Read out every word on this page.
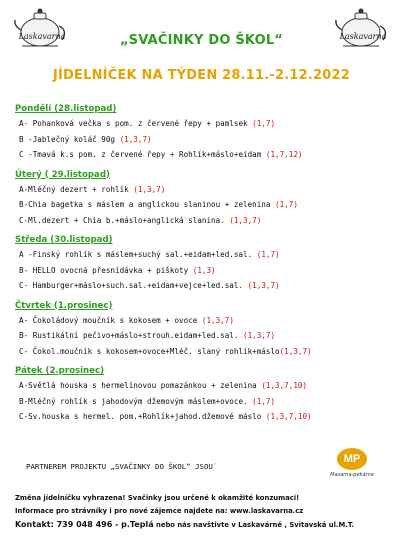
Laskavarna	Laskavarna
„SVAČINKY DO ŠKOL“
JÍDELNÍČEK NA TÝDEN 28.11.-2.12.2022
Pondělí (28.listopad)
A- Pohanková večka s pom. z červené řepy + pamlsek (1,7)
B -Jablečný koláč 90g (1,3,7)
C -Tmavá k.s pom. z červené řepy + Rohlík+máslo+eidam (1,7,12)
Úterý ( 29.listopad)
A-Mléčný dezert + rohlík (1,3,7)
B-Chia bagetka s máslem a anglickou slaninou + zelenina (1,7)
C-Ml.dezert + Chia b.+máslo+anglická slanina. (1,3,7)
Středa (30.listopad)
A -Finský rohlík s máslem+suchý sal.+eidam+led.sal. (1,7)
B- HELLO ovocná přesnídávka + piškoty (1,3)
C- Hamburger+máslo+such.sal.+eidam+vejce+led.sal. (1,3,7)
Čtvrtek (1.prosinec)
A- Čokoládový moučník s kokosem + ovoce (1,3,7)
B- Rustikální pečivo+máslo+strouh.eidam+led.sal. (1,3,7)
C- Čokol.moučník s kokosem+ovoce+Mléč. slaný rohlík+máslo(1,3,7)
Pátek (2.prosinec)
A-Světlá houska s hermelínovou pomazánkou + zelenina (1,3,7,10)
B-Mléčný rohlík s jahodovým džemovým máslem+ovoce. (1,7)
C-Sv.houska s hermel. pom.+Rohlík+jahod.džemové máslo (1,3,7,10)
PARTNEREM PROJEKTU „SVAČINKY DO ŠKOL“ JSOU˙
MP
Masarna-pekárna
Změna jídelníčku vyhrazena! Svačinky jsou určené k okamžité konzumaci!
Informace pro strávníky i pro nové zájemce najdete na: www.laskavarna.cz
Kontakt: 739 048 496 - p.Teplá nebo nás navštivte v Laskavárně , Svitavská ul.M.T.
